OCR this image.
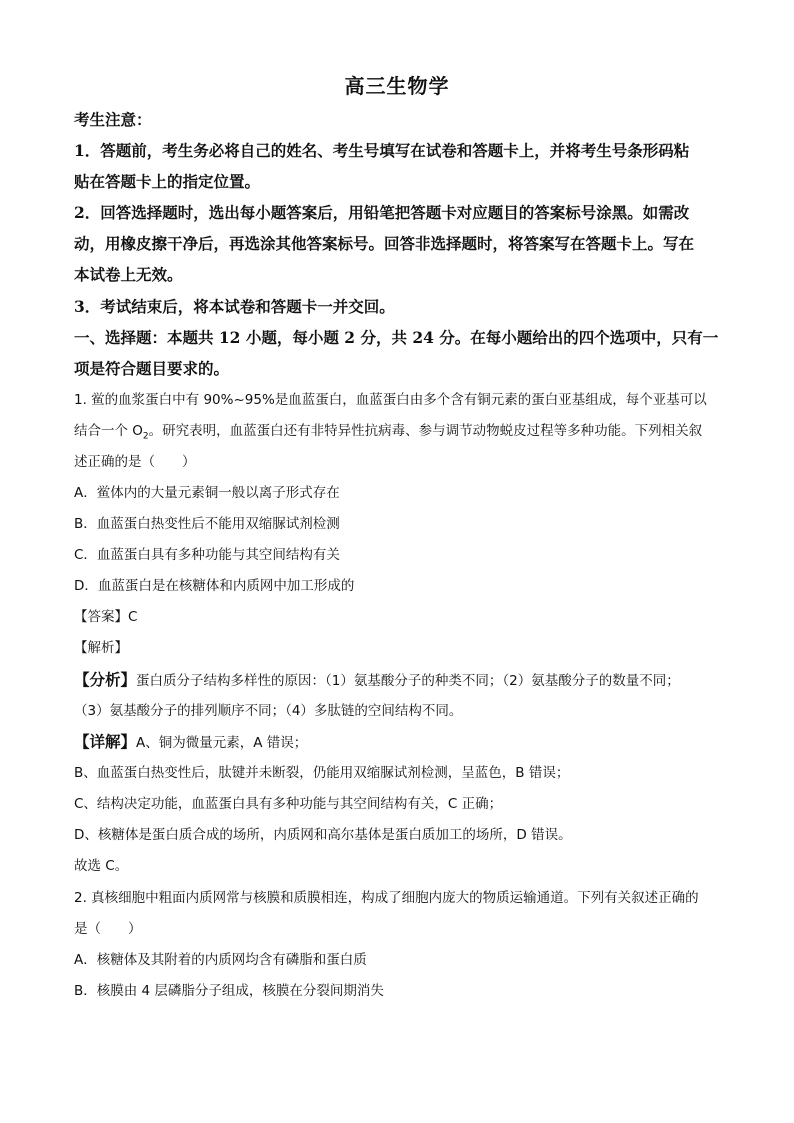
高三生物学
考生注意：
1．答题前，考生务必将自己的姓名、考生号填写在试卷和答题卡上，并将考生号条形码粘
贴在答题卡上的指定位置。
2．回答选择题时，选出每小题答案后，用铅笔把答题卡对应题目的答案标号涂黑。如需改
动，用橡皮擦干净后，再选涂其他答案标号。回答非选择题时，将答案写在答题卡上。写在
本试卷上无效。
3．考试结束后，将本试卷和答题卡一并交回。
一、选择题：本题共 12 小题，每小题 2 分，共 24 分。在每小题给出的四个选项中，只有一
项是符合题目要求的。
1. 鲎的血浆蛋白中有 90%~95%是血蓝蛋白，血蓝蛋白由多个含有铜元素的蛋白亚基组成，每个亚基可以
结合一个 $O_2$。研究表明，血蓝蛋白还有非特异性抗病毒、参与调节动物蜕皮过程等多种功能。下列相关叙
述正确的是（　　）
A．鲎体内的大量元素铜一般以离子形式存在
B．血蓝蛋白热变性后不能用双缩脲试剂检测
C．血蓝蛋白具有多种功能与其空间结构有关
D．血蓝蛋白是在核糖体和内质网中加工形成的
【答案】C
【解析】
【分析】蛋白质分子结构多样性的原因：（1）氨基酸分子的种类不同；（2）氨基酸分子的数量不同；
（3）氨基酸分子的排列顺序不同；（4）多肽链的空间结构不同。
【详解】A、铜为微量元素，A 错误；
B、血蓝蛋白热变性后，肽键并未断裂，仍能用双缩脲试剂检测，呈蓝色，B 错误；
C、结构决定功能，血蓝蛋白具有多种功能与其空间结构有关，C 正确；
D、核糖体是蛋白质合成的场所，内质网和高尔基体是蛋白质加工的场所，D 错误。
故选 C。
2. 真核细胞中粗面内质网常与核膜和质膜相连，构成了细胞内庞大的物质运输通道。下列有关叙述正确的
是（　　）
A．核糖体及其附着的内质网均含有磷脂和蛋白质
B．核膜由 4 层磷脂分子组成，核膜在分裂间期消失
